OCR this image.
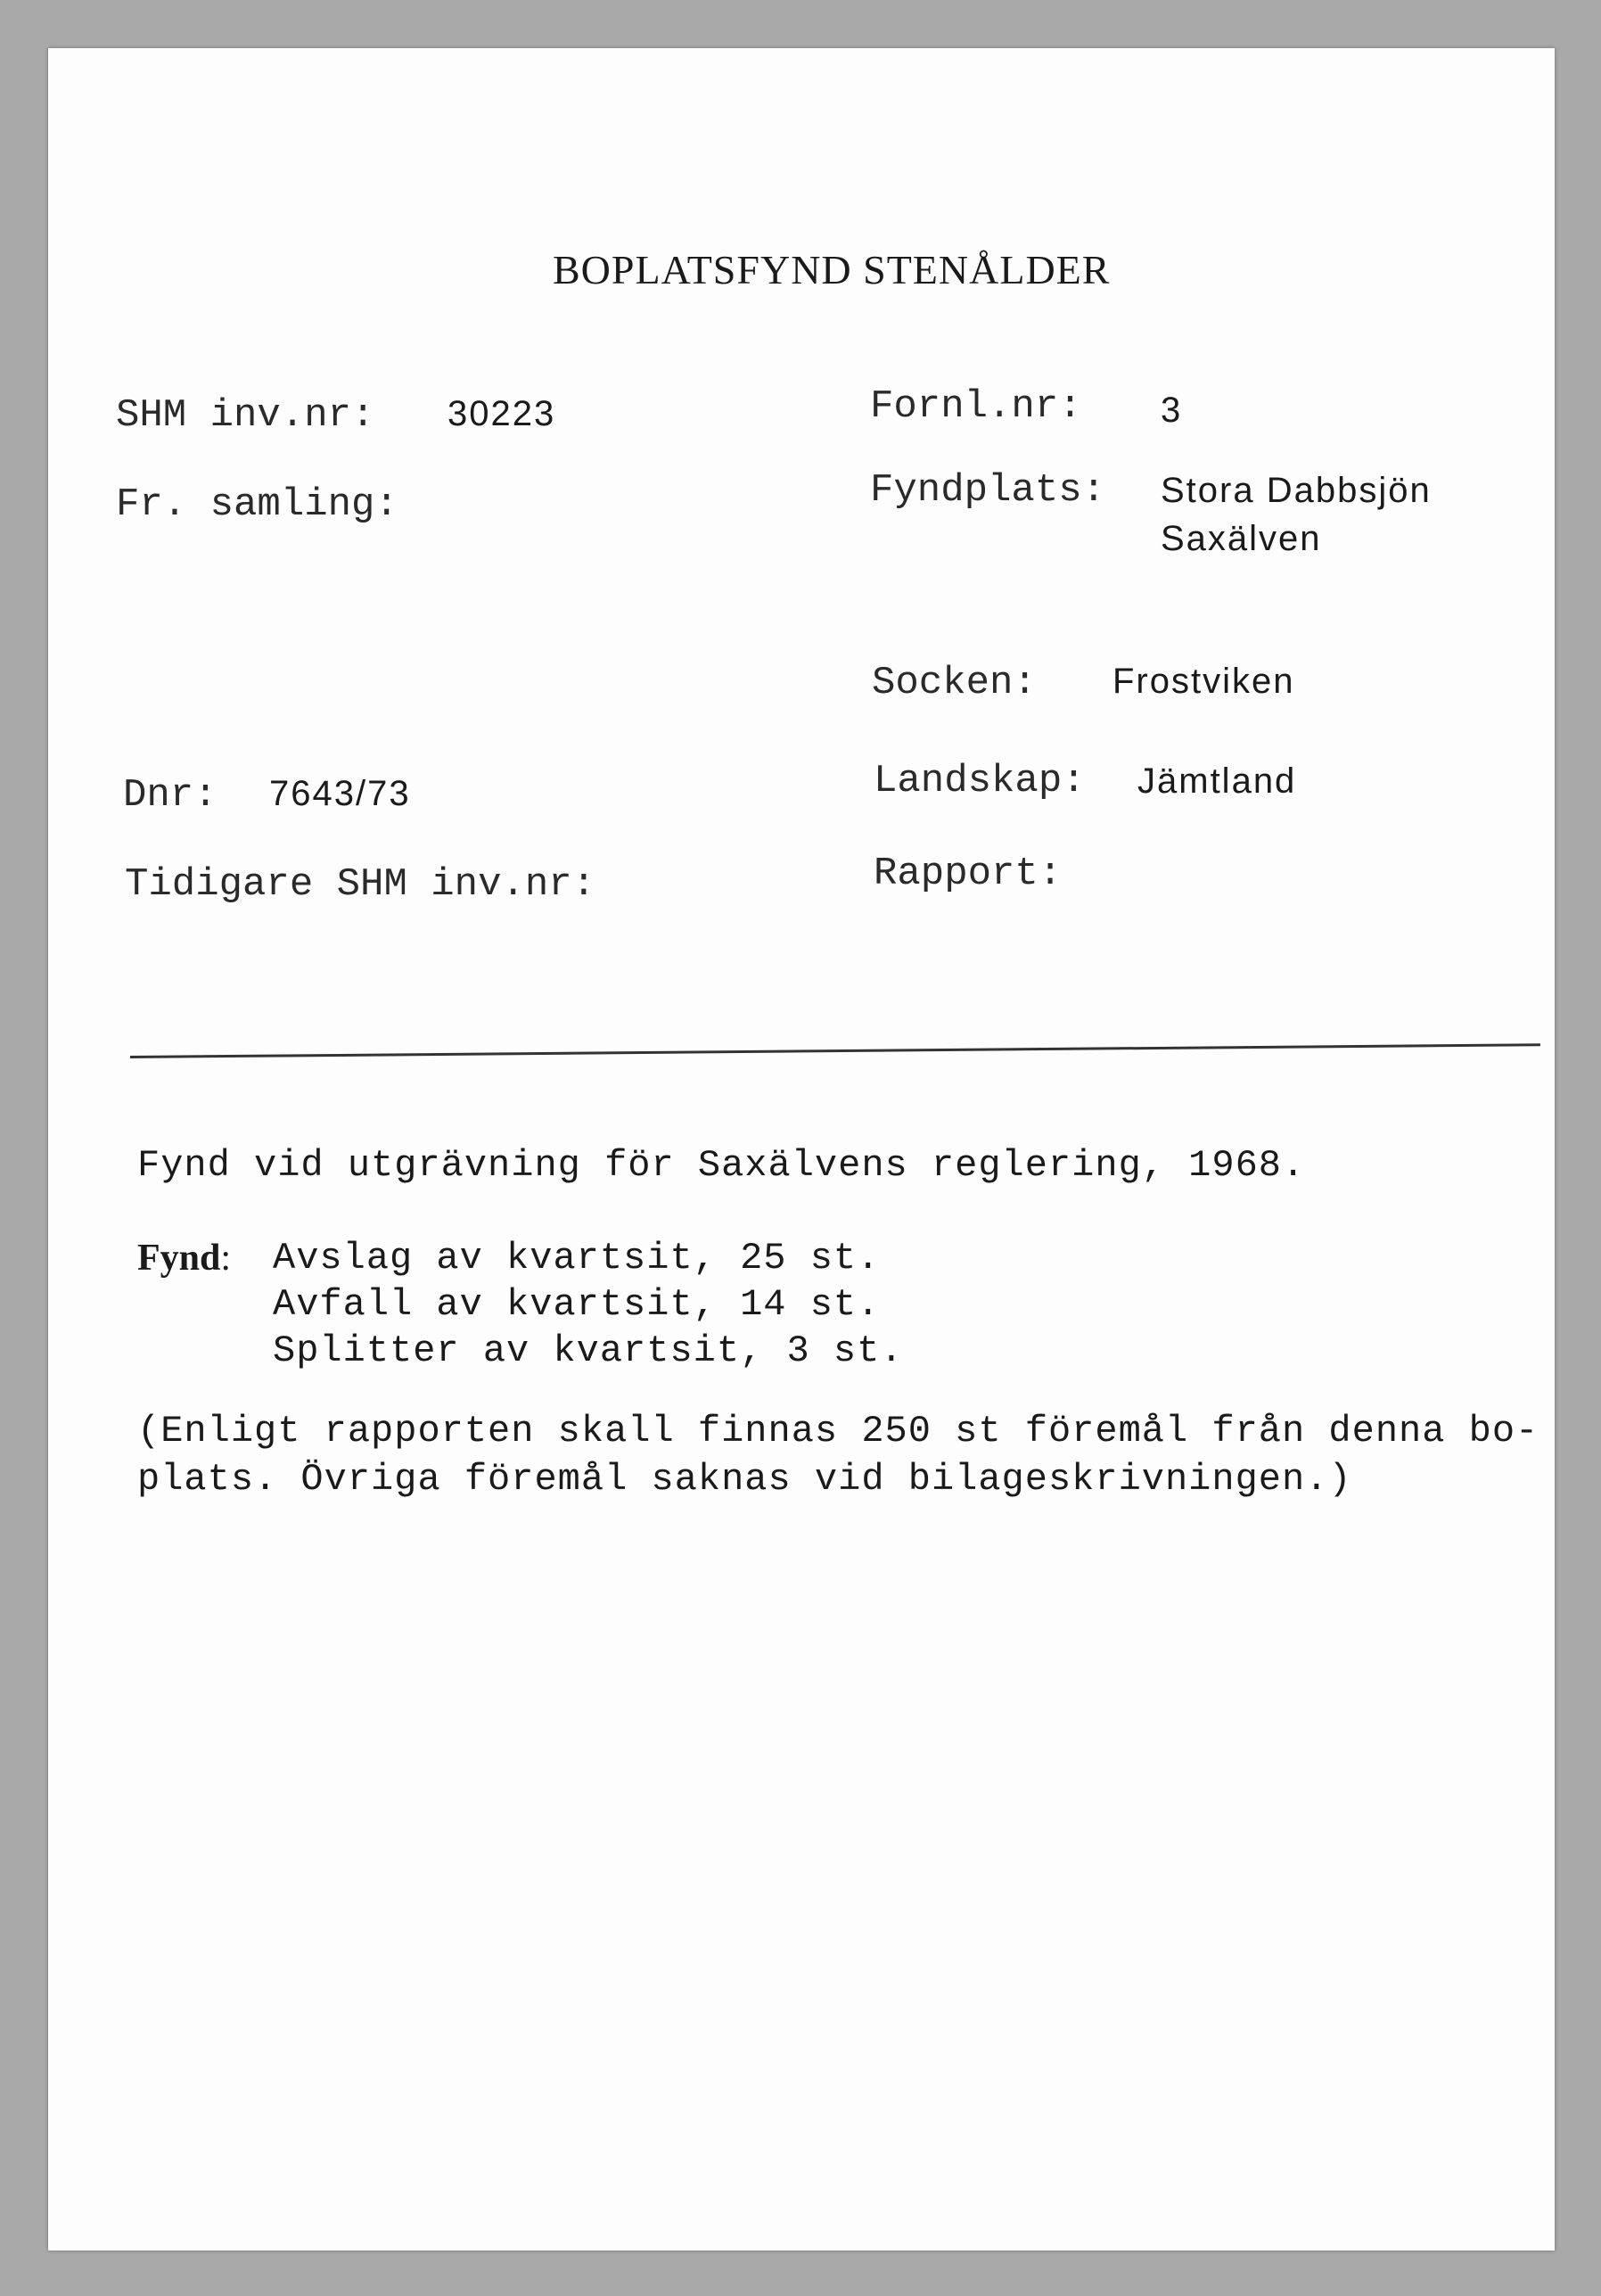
BOPLATSFYND STENÅLDER
SHM inv.nr: 30223
Fr. samling:
Dnr: 7643/73
Tidigare SHM inv.nr:
Fornl.nr: 3
Fyndplats: Stora Dabbsjön
Saxälven
Socken: Frostviken
Landskap: Jämtland
Rapport:
Fynd vid utgrävning för Saxälvens reglering, 1968.
Fynd: Avslag av kvartsit, 25 st.
Avfall av kvartsit, 14 st.
Splitter av kvartsit, 3 st.
(Enligt rapporten skall finnas 250 st föremål från denna bo-
plats. Övriga föremål saknas vid bilageskrivningen.)
